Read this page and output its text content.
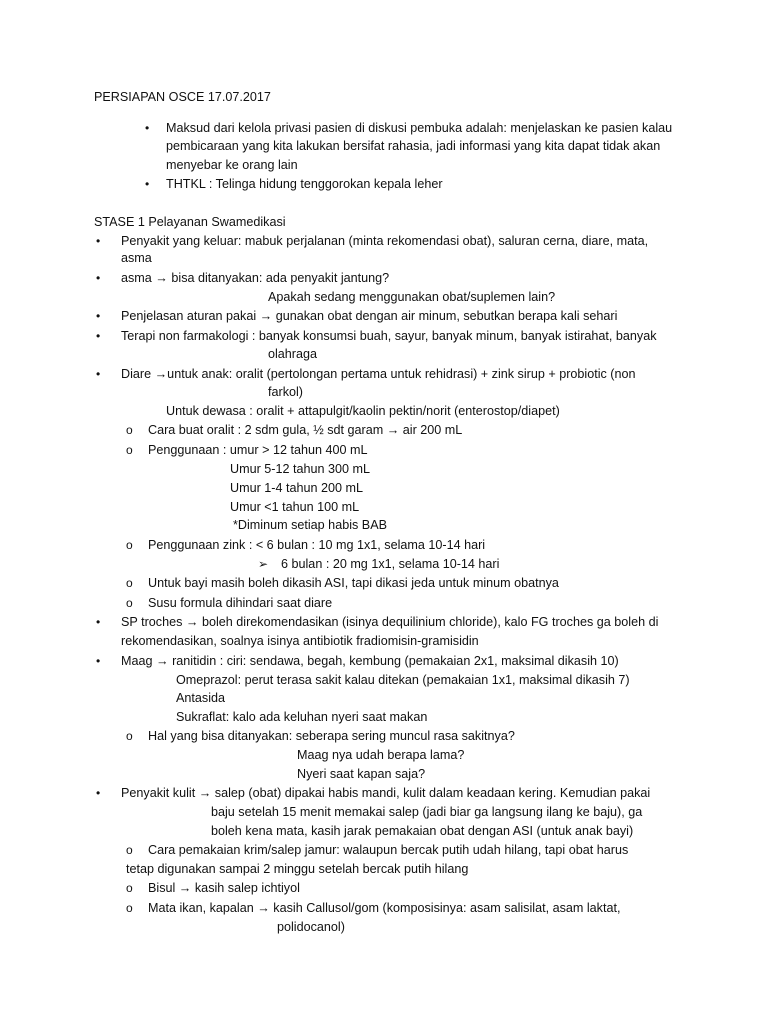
PERSIAPAN OSCE 17.07.2017
• Maksud dari kelola privasi pasien di diskusi pembuka adalah: menjelaskan ke pasien kalau
pembicaraan yang kita lakukan bersifat rahasia, jadi informasi yang kita dapat tidak akan
menyebar ke orang lain
• THTKL : Telinga hidung tenggorokan kepala leher
STASE 1 Pelayanan Swamedikasi
• Penyakit yang keluar: mabuk perjalanan (minta rekomendasi obat), saluran cerna, diare, mata,
asma
• asma → bisa ditanyakan: ada penyakit jantung?
Apakah sedang menggunakan obat/suplemen lain?
• Penjelasan aturan pakai → gunakan obat dengan air minum, sebutkan berapa kali sehari
• Terapi non farmakologi : banyak konsumsi buah, sayur, banyak minum, banyak istirahat, banyak
olahraga
• Diare →untuk anak: oralit (pertolongan pertama untuk rehidrasi) + zink sirup + probiotic (non
farkol)
Untuk dewasa : oralit + attapulgit/kaolin pektin/norit (enterostop/diapet)
o Cara buat oralit : 2 sdm gula, ½ sdt garam → air 200 mL
o Penggunaan : umur > 12 tahun 400 mL
Umur 5-12 tahun 300 mL
Umur 1-4 tahun 200 mL
Umur <1 tahun 100 mL
*Diminum setiap habis BAB
o Penggunaan zink : < 6 bulan : 10 mg 1x1, selama 10-14 hari
➢ 6 bulan : 20 mg 1x1, selama 10-14 hari
o Untuk bayi masih boleh dikasih ASI, tapi dikasi jeda untuk minum obatnya
o Susu formula dihindari saat diare
• SP troches → boleh direkomendasikan (isinya dequilinium chloride), kalo FG troches ga boleh di
rekomendasikan, soalnya isinya antibiotik fradiomisin-gramisidin
• Maag → ranitidin : ciri: sendawa, begah, kembung (pemakaian 2x1, maksimal dikasih 10)
Omeprazol: perut terasa sakit kalau ditekan (pemakaian 1x1, maksimal dikasih 7)
Antasida
Sukraflat: kalo ada keluhan nyeri saat makan
o Hal yang bisa ditanyakan: seberapa sering muncul rasa sakitnya?
Maag nya udah berapa lama?
Nyeri saat kapan saja?
• Penyakit kulit → salep (obat) dipakai habis mandi, kulit dalam keadaan kering. Kemudian pakai
baju setelah 15 menit memakai salep (jadi biar ga langsung ilang ke baju), ga
boleh kena mata, kasih jarak pemakaian obat dengan ASI (untuk anak bayi)
o Cara pemakaian krim/salep jamur: walaupun bercak putih udah hilang, tapi obat harus
tetap digunakan sampai 2 minggu setelah bercak putih hilang
o Bisul → kasih salep ichtiyol
o Mata ikan, kapalan → kasih Callusol/gom (komposisinya: asam salisilat, asam laktat,
polidocanol)
